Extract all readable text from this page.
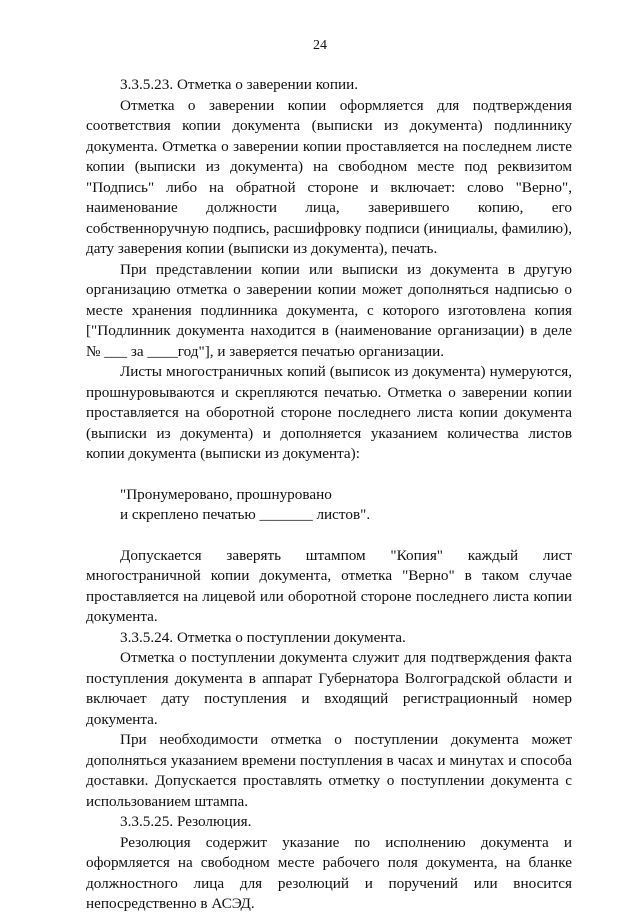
24

3.3.5.23. Отметка о заверении копии.

Отметка о заверении копии оформляется для подтверждения соответствия копии документа (выписки из документа) подлиннику документа. Отметка о заверении копии проставляется на последнем листе копии (выписки из документа) на свободном месте под реквизитом "Подпись" либо на обратной стороне и включает: слово "Верно", наименование должности лица, заверившего копию, его собственноручную подпись, расшифровку подписи (инициалы, фамилию), дату заверения копии (выписки из документа), печать.

При представлении копии или выписки из документа в другую организацию отметка о заверении копии может дополняться надписью о месте хранения подлинника документа, с которого изготовлена копия ["Подлинник документа находится в (наименование организации) в деле № ___ за ____год"], и заверяется печатью организации.

Листы многостраничных копий (выписок из документа) нумеруются, прошнуровываются и скрепляются печатью. Отметка о заверении копии проставляется на оборотной стороне последнего листа копии документа (выписки из документа) и дополняется указанием количества листов копии документа (выписки из документа):

"Пронумеровано, прошнуровано

и скреплено печатью _______ листов".

Допускается заверять штампом "Копия" каждый лист многостраничной копии документа, отметка "Верно" в таком случае проставляется на лицевой или оборотной стороне последнего листа копии документа.

3.3.5.24. Отметка о поступлении документа.

Отметка о поступлении документа служит для подтверждения факта поступления документа в аппарат Губернатора Волгоградской области и включает дату поступления и входящий регистрационный номер документа.

При необходимости отметка о поступлении документа может дополняться указанием времени поступления в часах и минутах и способа доставки. Допускается проставлять отметку о поступлении документа с использованием штампа.

3.3.5.25. Резолюция.

Резолюция содержит указание по исполнению документа и оформляется на свободном месте рабочего поля документа, на бланке должностного лица для резолюций и поручений или вносится непосредственно в АСЭД.
